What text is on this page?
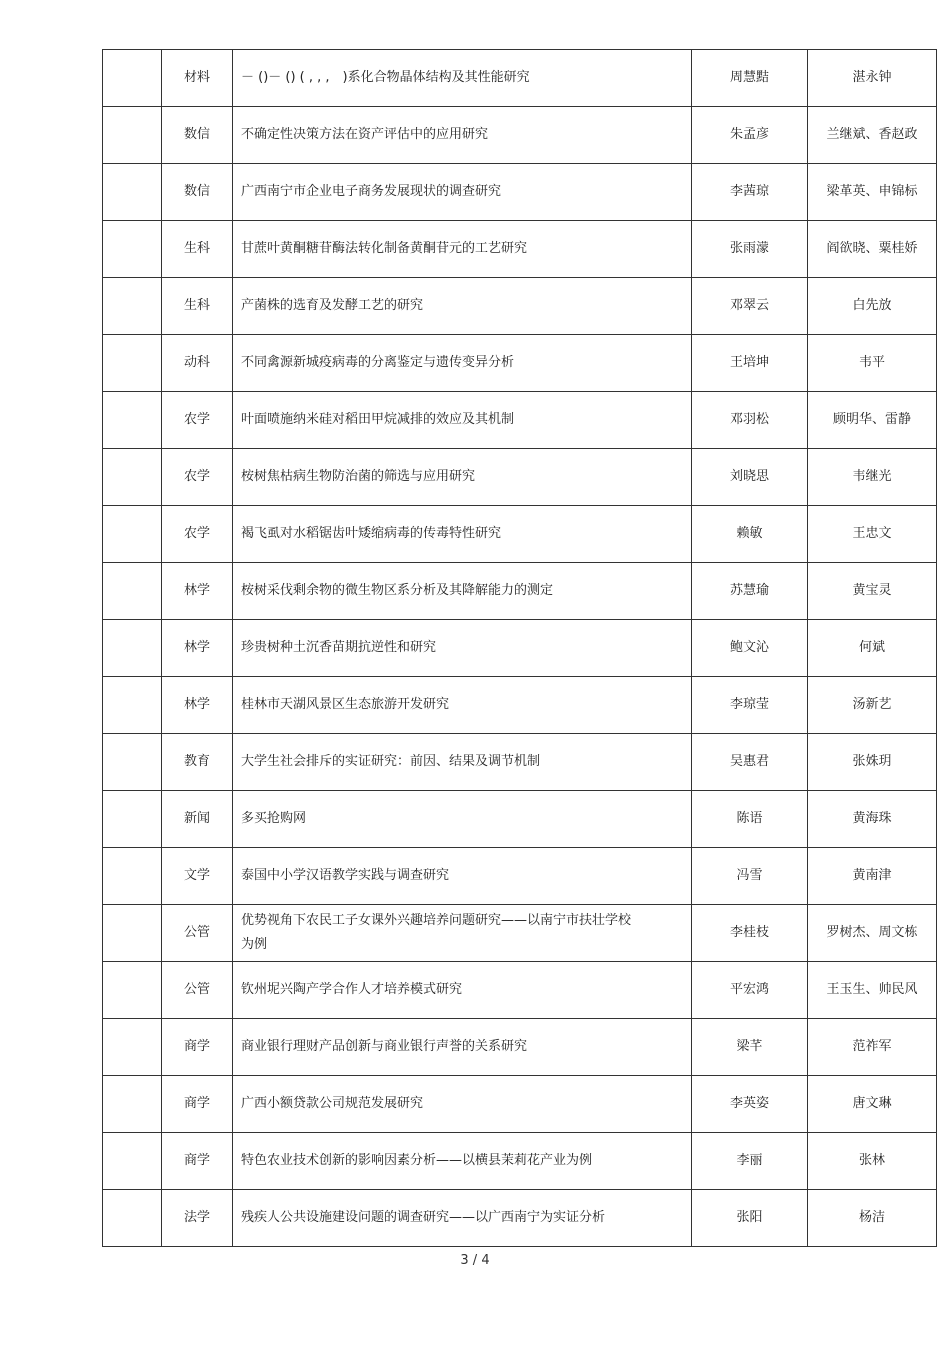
	材料	－ ()－ () ( , , ,　)系化合物晶体结构及其性能研究	周慧黠	湛永钟
	数信	不确定性决策方法在资产评估中的应用研究	朱孟彦	兰继斌、香赵政
	数信	广西南宁市企业电子商务发展现状的调查研究	李茜琼	梁革英、申锦标
	生科	甘蔗叶黄酮糖苷酶法转化制备黄酮苷元的工艺研究	张雨濛	阎欲晓、粟桂娇
	生科	产菌株的选育及发酵工艺的研究	邓翠云	白先放
	动科	不同禽源新城疫病毒的分离鉴定与遗传变异分析	王培坤	韦平
	农学	叶面喷施纳米硅对稻田甲烷减排的效应及其机制	邓羽松	顾明华、雷静
	农学	桉树焦枯病生物防治菌的筛选与应用研究	刘晓思	韦继光
	农学	褐飞虱对水稻锯齿叶矮缩病毒的传毒特性研究	赖敏	王忠文
	林学	桉树采伐剩余物的微生物区系分析及其降解能力的测定	苏慧瑜	黄宝灵
	林学	珍贵树种土沉香苗期抗逆性和研究	鲍文沁	何斌
	林学	桂林市天湖风景区生态旅游开发研究	李琼莹	汤新艺
	教育	大学生社会排斥的实证研究：前因、结果及调节机制	吴惠君	张姝玥
	新闻	多买抢购网	陈语	黄海珠
	文学	泰国中小学汉语教学实践与调查研究	冯雪	黄南津
	公管	优势视角下农民工子女课外兴趣培养问题研究——以南宁市扶壮学校为例	李桂枝	罗树杰、周文栋
	公管	钦州坭兴陶产学合作人才培养模式研究	平宏鸿	王玉生、帅民风
	商学	商业银行理财产品创新与商业银行声誉的关系研究	梁芊	范祚军
	商学	广西小额贷款公司规范发展研究	李英姿	唐文琳
	商学	特色农业技术创新的影响因素分析——以横县茉莉花产业为例	李丽	张林
	法学	残疾人公共设施建设问题的调查研究——以广西南宁为实证分析	张阳	杨洁
3 / 4
